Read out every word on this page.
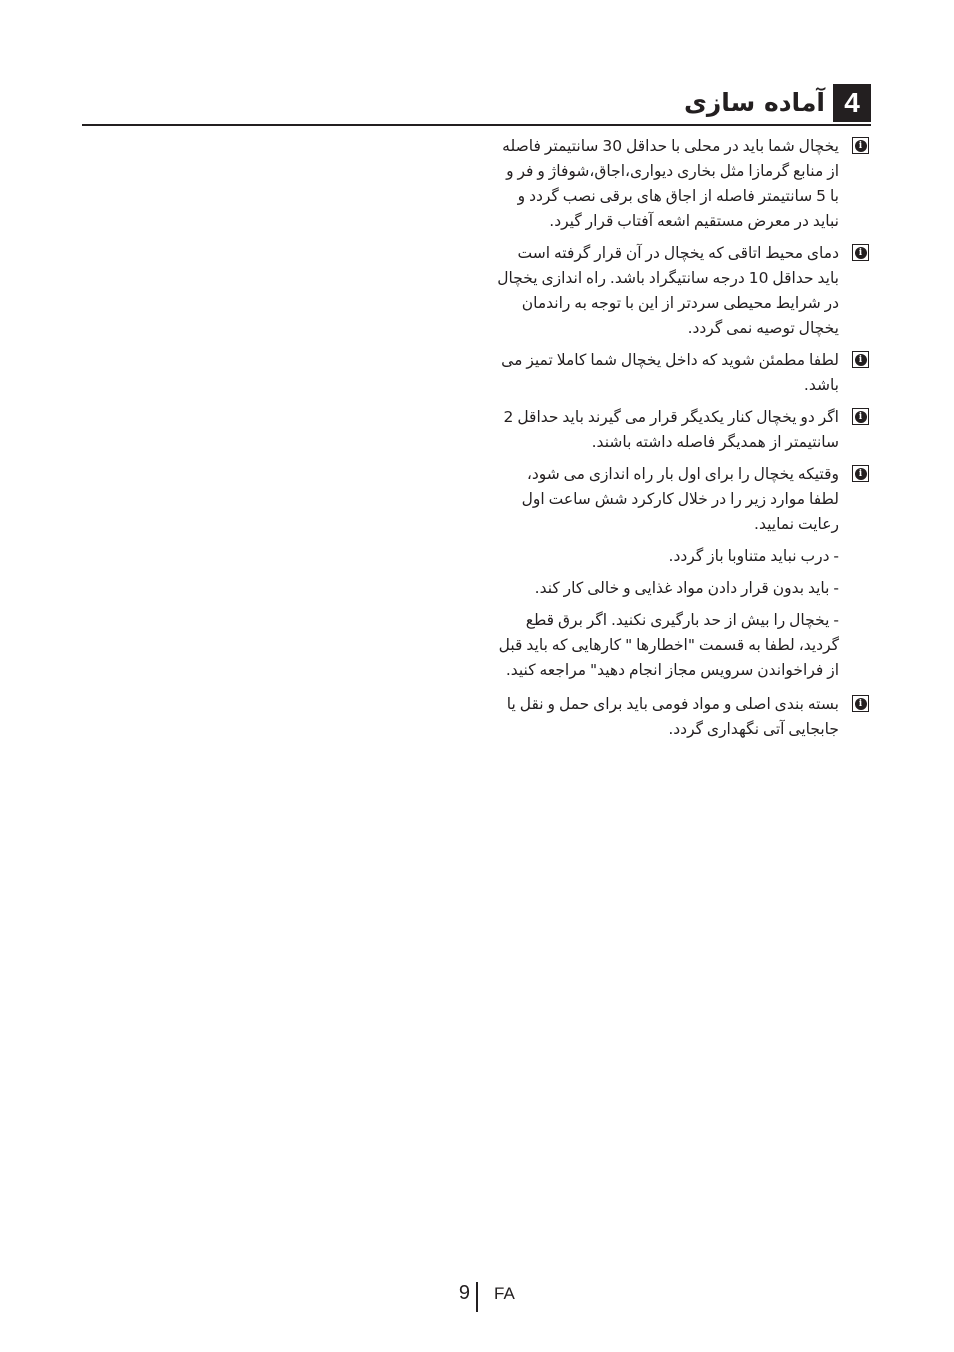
4
آماده سازی
i
یخچال شما باید در محلی با حداقل 30 سانتیمتر فاصله از منابع گرمازا مثل بخاری دیواری،اجاق،شوفاژ و فر و با 5 سانتیمتر فاصله از اجاق های برقی نصب گردد و نباید در معرض مستقیم اشعه آفتاب قرار گیرد.
i
دمای محیط اتاقی که یخچال در آن قرار گرفته است باید حداقل 10 درجه سانتیگراد باشد. راه اندازی یخچال در شرایط محیطی سردتر از این با توجه به راندمان یخچال توصیه نمی گردد.
i
لطفا مطمئن شوید که داخل یخچال شما کاملا تمیز می باشد.
i
اگر دو یخچال کنار یکدیگر قرار می گیرند باید حداقل 2 سانتیمتر از همدیگر فاصله داشته باشند.
i
وقتیکه یخچال را برای اول بار راه اندازی می شود، لطفا موارد زیر را در خلال کارکرد شش ساعت اول رعایت نمایید.
- درب نباید متناوبا باز گردد.
- باید بدون قرار دادن مواد غذایی و خالی کار کند.
- یخچال را بیش از حد بارگیری نکنید. اگر برق قطع گردید، لطفا به قسمت "اخطارها " کارهایی که باید قبل از فراخواندن سرویس مجاز انجام دهید" مراجعه کنید.
i
بسته بندی اصلی و مواد فومی باید برای حمل و نقل یا جابجایی آتی نگهداری گردد.
9 FA
